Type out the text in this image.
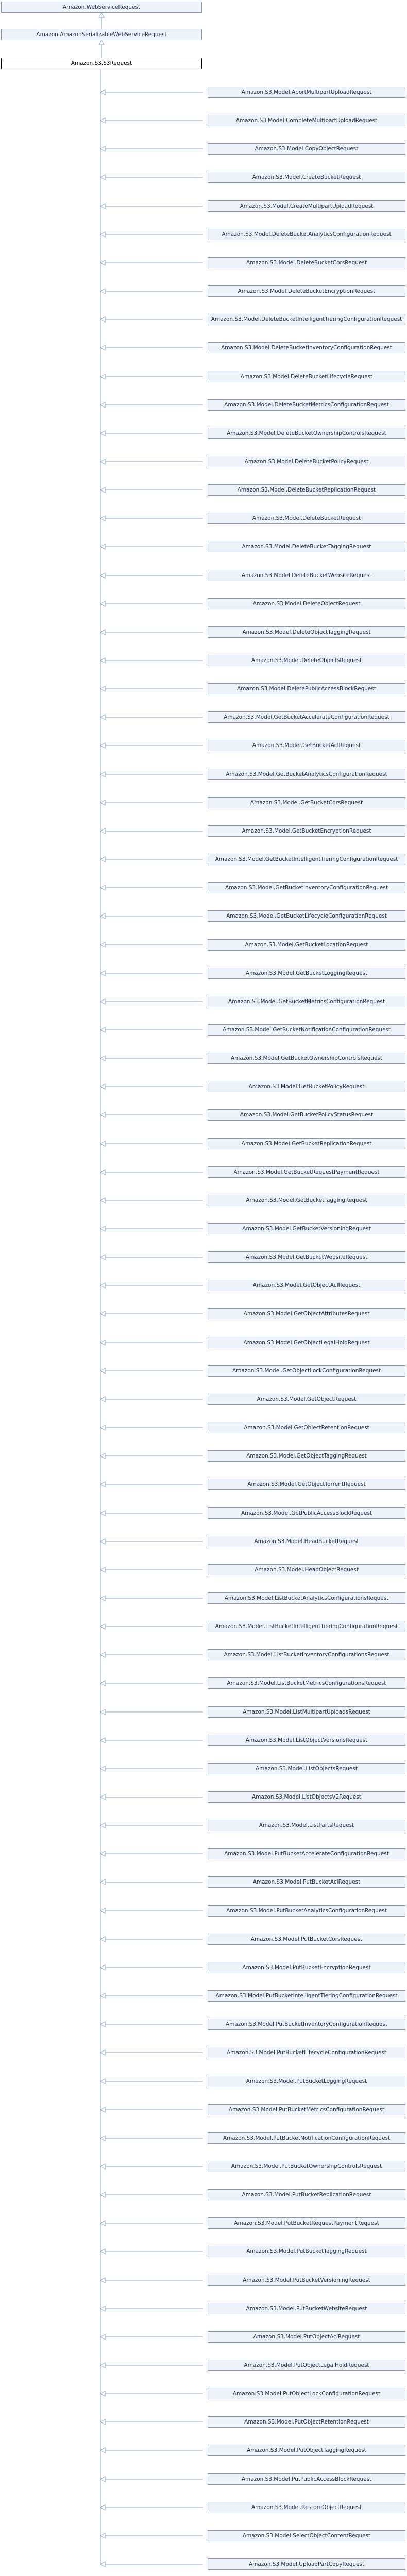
Amazon.WebServiceRequest
Amazon.AmazonSerializableWebServiceRequest
Amazon.S3.S3Request
Amazon.S3.Model.AbortMultipartUploadRequest
Amazon.S3.Model.CompleteMultipartUploadRequest
Amazon.S3.Model.CopyObjectRequest
Amazon.S3.Model.CreateBucketRequest
Amazon.S3.Model.CreateMultipartUploadRequest
Amazon.S3.Model.DeleteBucketAnalyticsConfigurationRequest
Amazon.S3.Model.DeleteBucketCorsRequest
Amazon.S3.Model.DeleteBucketEncryptionRequest
Amazon.S3.Model.DeleteBucketIntelligentTieringConfigurationRequest
Amazon.S3.Model.DeleteBucketInventoryConfigurationRequest
Amazon.S3.Model.DeleteBucketLifecycleRequest
Amazon.S3.Model.DeleteBucketMetricsConfigurationRequest
Amazon.S3.Model.DeleteBucketOwnershipControlsRequest
Amazon.S3.Model.DeleteBucketPolicyRequest
Amazon.S3.Model.DeleteBucketReplicationRequest
Amazon.S3.Model.DeleteBucketRequest
Amazon.S3.Model.DeleteBucketTaggingRequest
Amazon.S3.Model.DeleteBucketWebsiteRequest
Amazon.S3.Model.DeleteObjectRequest
Amazon.S3.Model.DeleteObjectTaggingRequest
Amazon.S3.Model.DeleteObjectsRequest
Amazon.S3.Model.DeletePublicAccessBlockRequest
Amazon.S3.Model.GetBucketAccelerateConfigurationRequest
Amazon.S3.Model.GetBucketAclRequest
Amazon.S3.Model.GetBucketAnalyticsConfigurationRequest
Amazon.S3.Model.GetBucketCorsRequest
Amazon.S3.Model.GetBucketEncryptionRequest
Amazon.S3.Model.GetBucketIntelligentTieringConfigurationRequest
Amazon.S3.Model.GetBucketInventoryConfigurationRequest
Amazon.S3.Model.GetBucketLifecycleConfigurationRequest
Amazon.S3.Model.GetBucketLocationRequest
Amazon.S3.Model.GetBucketLoggingRequest
Amazon.S3.Model.GetBucketMetricsConfigurationRequest
Amazon.S3.Model.GetBucketNotificationConfigurationRequest
Amazon.S3.Model.GetBucketOwnershipControlsRequest
Amazon.S3.Model.GetBucketPolicyRequest
Amazon.S3.Model.GetBucketPolicyStatusRequest
Amazon.S3.Model.GetBucketReplicationRequest
Amazon.S3.Model.GetBucketRequestPaymentRequest
Amazon.S3.Model.GetBucketTaggingRequest
Amazon.S3.Model.GetBucketVersioningRequest
Amazon.S3.Model.GetBucketWebsiteRequest
Amazon.S3.Model.GetObjectAclRequest
Amazon.S3.Model.GetObjectAttributesRequest
Amazon.S3.Model.GetObjectLegalHoldRequest
Amazon.S3.Model.GetObjectLockConfigurationRequest
Amazon.S3.Model.GetObjectRequest
Amazon.S3.Model.GetObjectRetentionRequest
Amazon.S3.Model.GetObjectTaggingRequest
Amazon.S3.Model.GetObjectTorrentRequest
Amazon.S3.Model.GetPublicAccessBlockRequest
Amazon.S3.Model.HeadBucketRequest
Amazon.S3.Model.HeadObjectRequest
Amazon.S3.Model.ListBucketAnalyticsConfigurationsRequest
Amazon.S3.Model.ListBucketIntelligentTieringConfigurationRequest
Amazon.S3.Model.ListBucketInventoryConfigurationsRequest
Amazon.S3.Model.ListBucketMetricsConfigurationsRequest
Amazon.S3.Model.ListMultipartUploadsRequest
Amazon.S3.Model.ListObjectVersionsRequest
Amazon.S3.Model.ListObjectsRequest
Amazon.S3.Model.ListObjectsV2Request
Amazon.S3.Model.ListPartsRequest
Amazon.S3.Model.PutBucketAccelerateConfigurationRequest
Amazon.S3.Model.PutBucketAclRequest
Amazon.S3.Model.PutBucketAnalyticsConfigurationRequest
Amazon.S3.Model.PutBucketCorsRequest
Amazon.S3.Model.PutBucketEncryptionRequest
Amazon.S3.Model.PutBucketIntelligentTieringConfigurationRequest
Amazon.S3.Model.PutBucketInventoryConfigurationRequest
Amazon.S3.Model.PutBucketLifecycleConfigurationRequest
Amazon.S3.Model.PutBucketLoggingRequest
Amazon.S3.Model.PutBucketMetricsConfigurationRequest
Amazon.S3.Model.PutBucketNotificationConfigurationRequest
Amazon.S3.Model.PutBucketOwnershipControlsRequest
Amazon.S3.Model.PutBucketReplicationRequest
Amazon.S3.Model.PutBucketRequestPaymentRequest
Amazon.S3.Model.PutBucketTaggingRequest
Amazon.S3.Model.PutBucketVersioningRequest
Amazon.S3.Model.PutBucketWebsiteRequest
Amazon.S3.Model.PutObjectAclRequest
Amazon.S3.Model.PutObjectLegalHoldRequest
Amazon.S3.Model.PutObjectLockConfigurationRequest
Amazon.S3.Model.PutObjectRetentionRequest
Amazon.S3.Model.PutObjectTaggingRequest
Amazon.S3.Model.PutPublicAccessBlockRequest
Amazon.S3.Model.RestoreObjectRequest
Amazon.S3.Model.SelectObjectContentRequest
Amazon.S3.Model.UploadPartCopyRequest
